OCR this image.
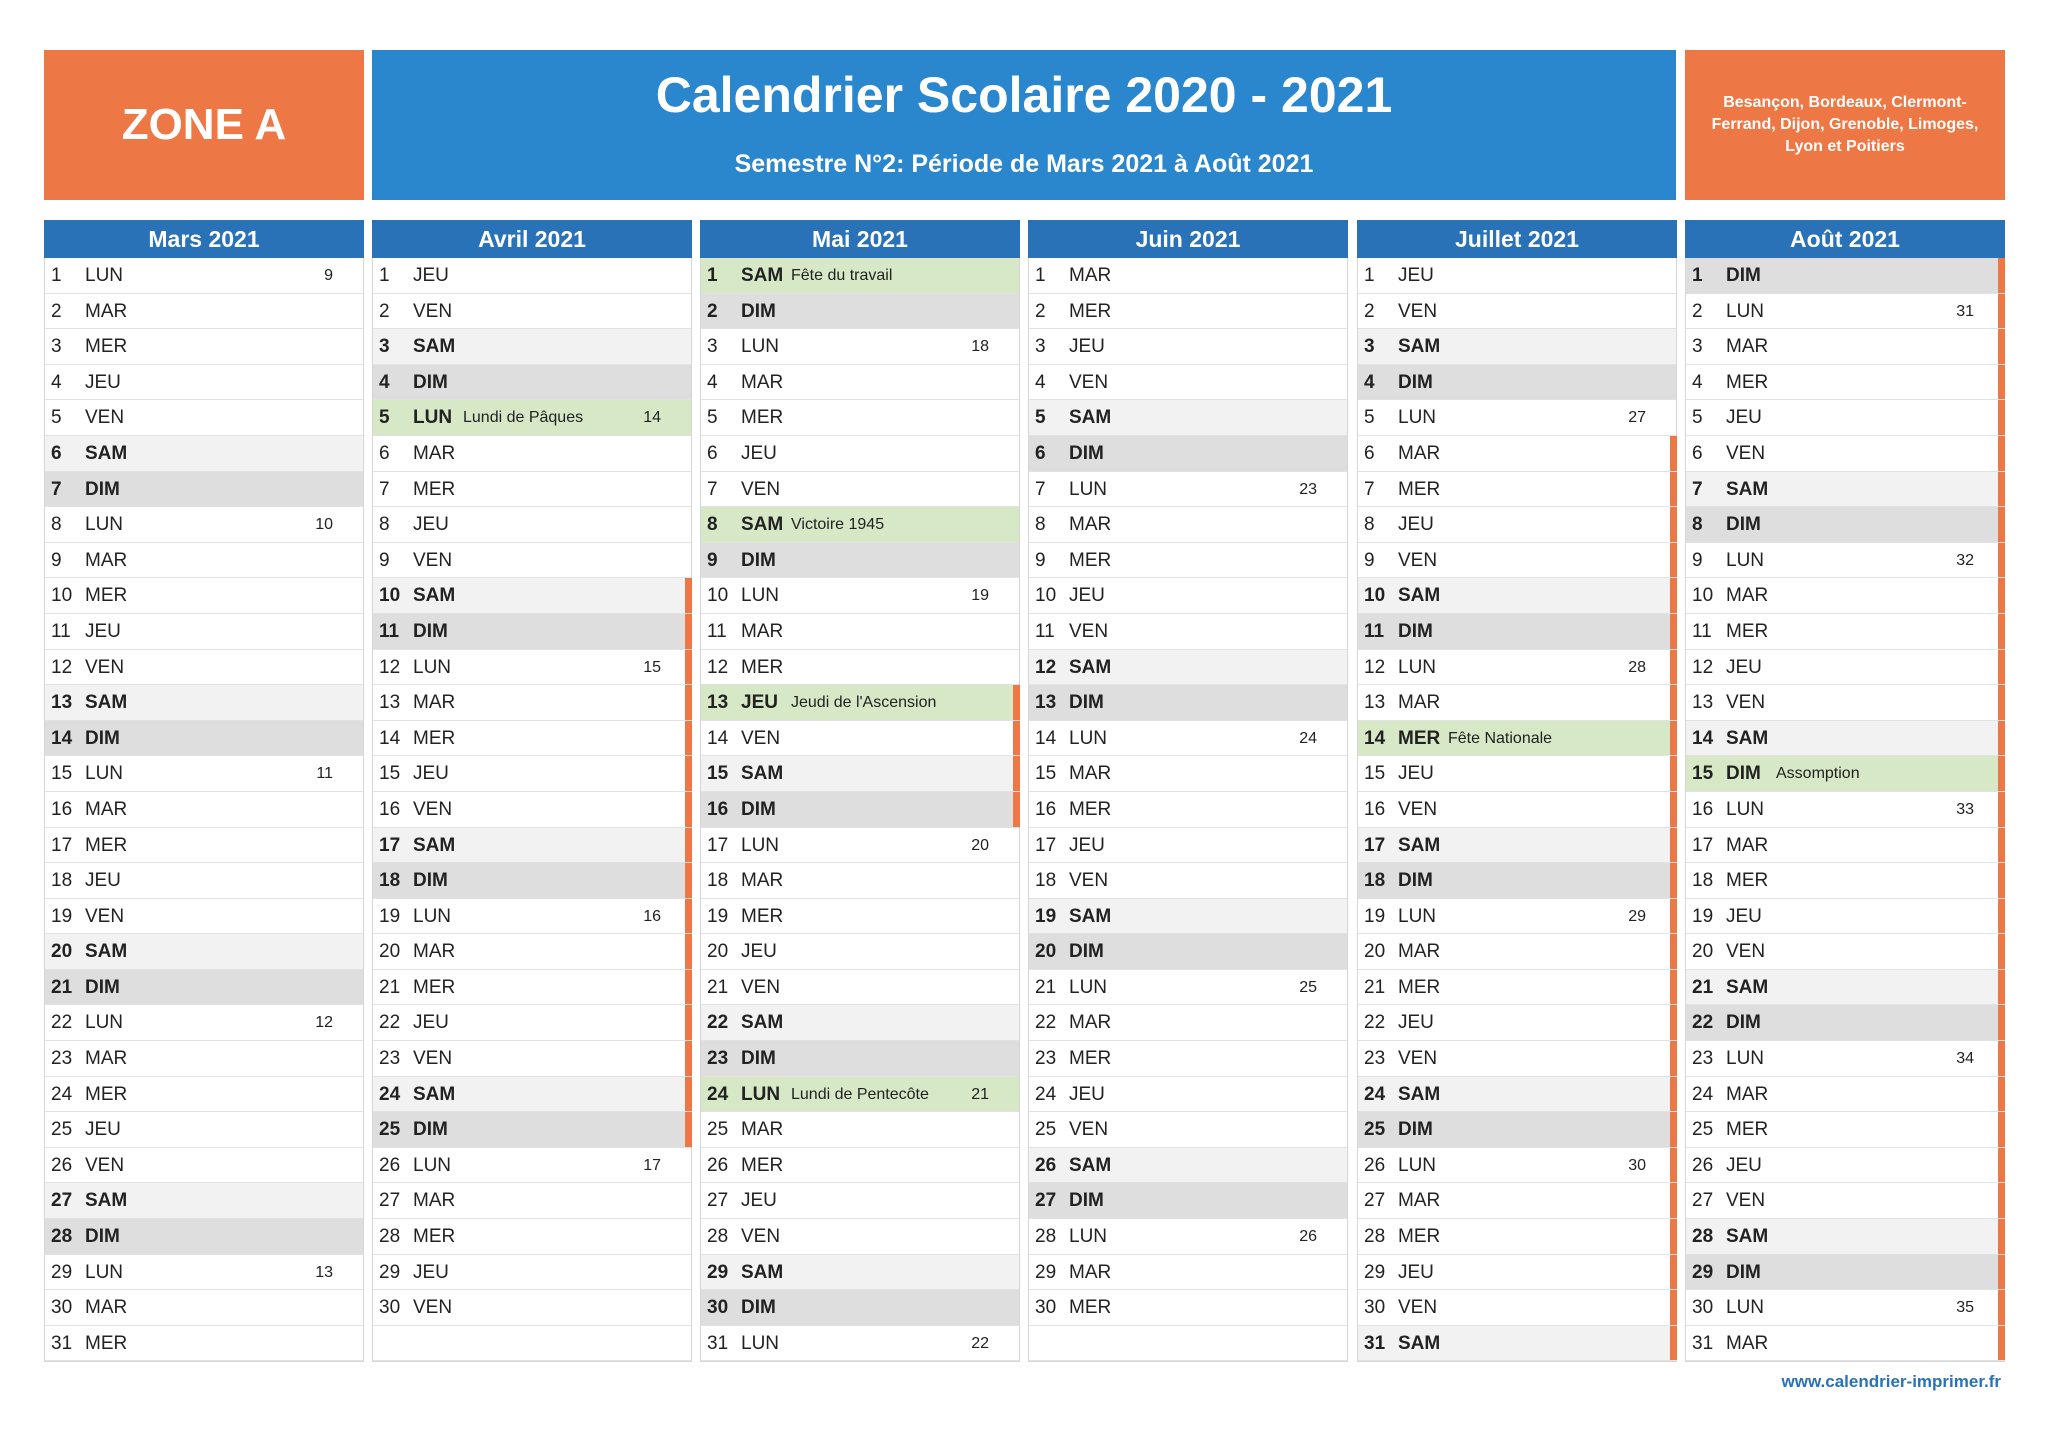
ZONE A
Calendrier Scolaire 2020 - 2021
Semestre N°2: Période de Mars 2021 à Août 2021
Besançon, Bordeaux, Clermont-Ferrand, Dijon, Grenoble, Limoges, Lyon et Poitiers
Mars 2021
1 LUN	9
2 MAR
3 MER
4 JEU
5 VEN
6 SAM
7 DIM
8 LUN	10
9 MAR
10 MER
11 JEU
12 VEN
13 SAM
14 DIM
15 LUN	11
16 MAR
17 MER
18 JEU
19 VEN
20 SAM
21 DIM
22 LUN	12
23 MAR
24 MER
25 JEU
26 VEN
27 SAM
28 DIM
29 LUN	13
30 MAR
31 MER
Avril 2021
1 JEU
2 VEN
3 SAM
4 DIM
5 LUN Lundi de Pâques	14
6 MAR
7 MER
8 JEU
9 VEN
10 SAM
11 DIM
12 LUN	15
13 MAR
14 MER
15 JEU
16 VEN
17 SAM
18 DIM
19 LUN	16
20 MAR
21 MER
22 JEU
23 VEN
24 SAM
25 DIM
26 LUN	17
27 MAR
28 MER
29 JEU
30 VEN
Mai 2021
1 SAM Fête du travail
2 DIM
3 LUN	18
4 MAR
5 MER
6 JEU
7 VEN
8 SAM Victoire 1945
9 DIM
10 LUN	19
11 MAR
12 MER
13 JEU Jeudi de l'Ascension
14 VEN
15 SAM
16 DIM
17 LUN	20
18 MAR
19 MER
20 JEU
21 VEN
22 SAM
23 DIM
24 LUN Lundi de Pentecôte	21
25 MAR
26 MER
27 JEU
28 VEN
29 SAM
30 DIM
31 LUN	22
Juin 2021
1 MAR
2 MER
3 JEU
4 VEN
5 SAM
6 DIM
7 LUN	23
8 MAR
9 MER
10 JEU
11 VEN
12 SAM
13 DIM
14 LUN	24
15 MAR
16 MER
17 JEU
18 VEN
19 SAM
20 DIM
21 LUN	25
22 MAR
23 MER
24 JEU
25 VEN
26 SAM
27 DIM
28 LUN	26
29 MAR
30 MER
Juillet 2021
1 JEU
2 VEN
3 SAM
4 DIM
5 LUN	27
6 MAR
7 MER
8 JEU
9 VEN
10 SAM
11 DIM
12 LUN	28
13 MAR
14 MER Fête Nationale
15 JEU
16 VEN
17 SAM
18 DIM
19 LUN	29
20 MAR
21 MER
22 JEU
23 VEN
24 SAM
25 DIM
26 LUN	30
27 MAR
28 MER
29 JEU
30 VEN
31 SAM
Août 2021
1 DIM
2 LUN	31
3 MAR
4 MER
5 JEU
6 VEN
7 SAM
8 DIM
9 LUN	32
10 MAR
11 MER
12 JEU
13 VEN
14 SAM
15 DIM Assomption
16 LUN	33
17 MAR
18 MER
19 JEU
20 VEN
21 SAM
22 DIM
23 LUN	34
24 MAR
25 MER
26 JEU
27 VEN
28 SAM
29 DIM
30 LUN	35
31 MAR
www.calendrier-imprimer.fr
